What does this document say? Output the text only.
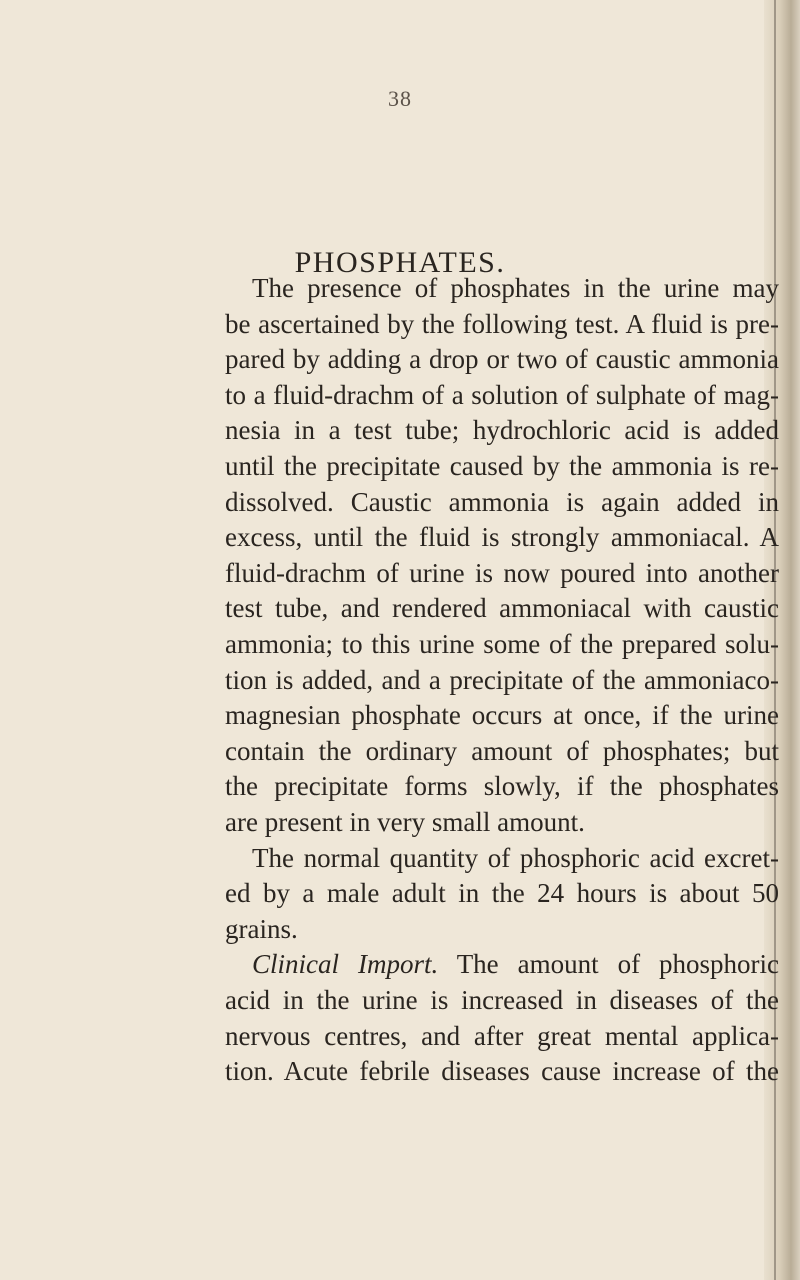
38
PHOSPHATES.
The presence of phosphates in the urine may
be ascertained by the following test. A fluid is pre-
pared by adding a drop or two of caustic ammonia
to a fluid-drachm of a solution of sulphate of mag-
nesia in a test tube; hydrochloric acid is added
until the precipitate caused by the ammonia is re-
dissolved. Caustic ammonia is again added in
excess, until the fluid is strongly ammoniacal. A
fluid-drachm of urine is now poured into another
test tube, and rendered ammoniacal with caustic
ammonia; to this urine some of the prepared solu-
tion is added, and a precipitate of the ammoniaco-
magnesian phosphate occurs at once, if the urine
contain the ordinary amount of phosphates; but
the precipitate forms slowly, if the phosphates
are present in very small amount.
The normal quantity of phosphoric acid excret-
ed by a male adult in the 24 hours is about 50
grains.
Clinical Import. The amount of phosphoric
acid in the urine is increased in diseases of the
nervous centres, and after great mental applica-
tion. Acute febrile diseases cause increase of the
